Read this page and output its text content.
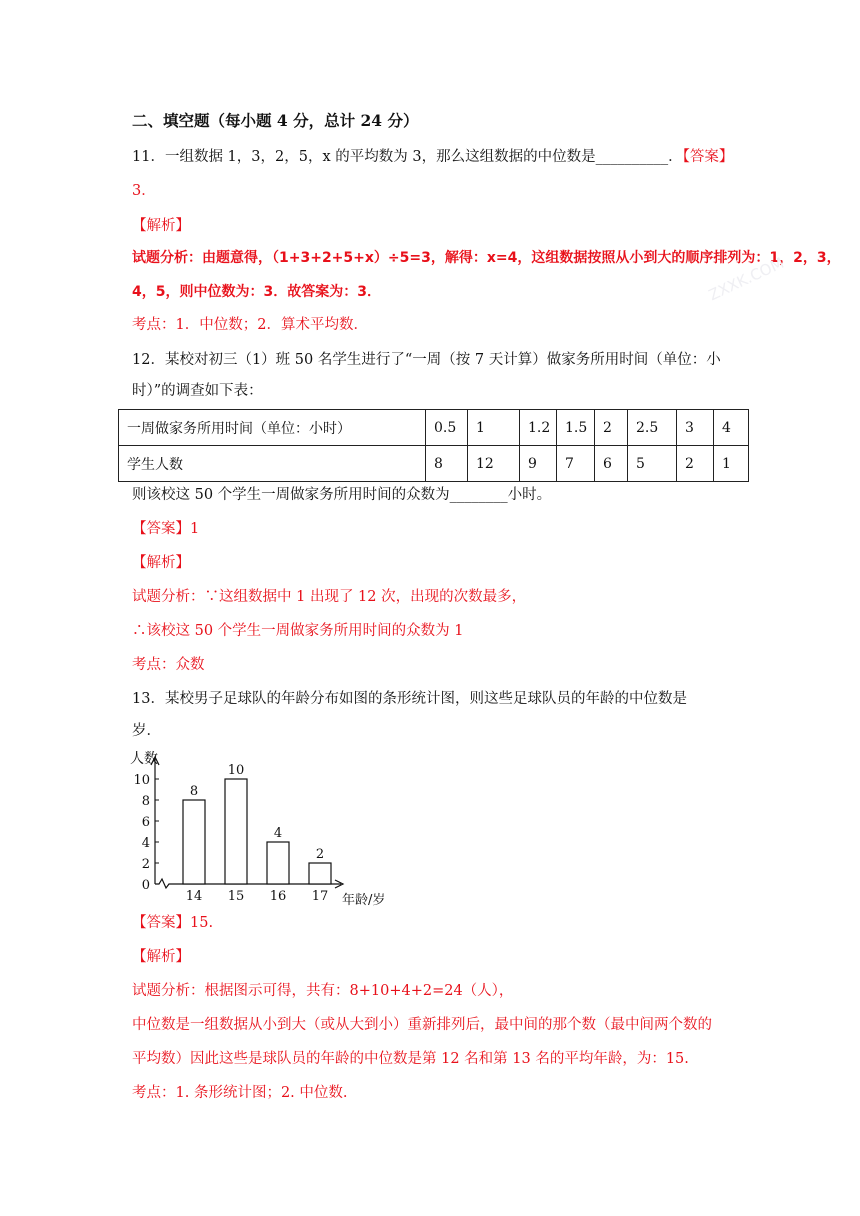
二、填空题（每小题 4 分，总计 24 分）
11．一组数据 1，3，2，5，x 的平均数为 3，那么这组数据的中位数是__________．【答案】
3．
【解析】
试题分析：由题意得，（1+3+2+5+x）÷5=3，解得：x=4，这组数据按照从小到大的顺序排列为：1，2，3，
4，5，则中位数为：3．故答案为：3．
考点：1．中位数；2．算术平均数．
ZXXK.COM
12．某校对初三（1）班 50 名学生进行了“一周（按 7 天计算）做家务所用时间（单位：小
时）”的调查如下表：
一周做家务所用时间（单位：小时）	0.5	1	1.2	1.5	2	2.5	3	4
学生人数	8	12	9	7	6	5	2	1
则该校这 50 个学生一周做家务所用时间的众数为________小时。
【答案】1
【解析】
试题分析：∵这组数据中 1 出现了 12 次，出现的次数最多，
∴该校这 50 个学生一周做家务所用时间的众数为 1
考点：众数
13．某校男子足球队的年龄分布如图的条形统计图，则这些足球队员的年龄的中位数是
岁．
人数
年龄/岁
0
2
4
6
8
10
8
14
10
15
4
16
2
17
【答案】15.
【解析】
试题分析：根据图示可得，共有：8+10+4+2=24（人），
中位数是一组数据从小到大（或从大到小）重新排列后，最中间的那个数（最中间两个数的
平均数）因此这些是球队员的年龄的中位数是第 12 名和第 13 名的平均年龄，为：15.
考点：1. 条形统计图；2. 中位数.
